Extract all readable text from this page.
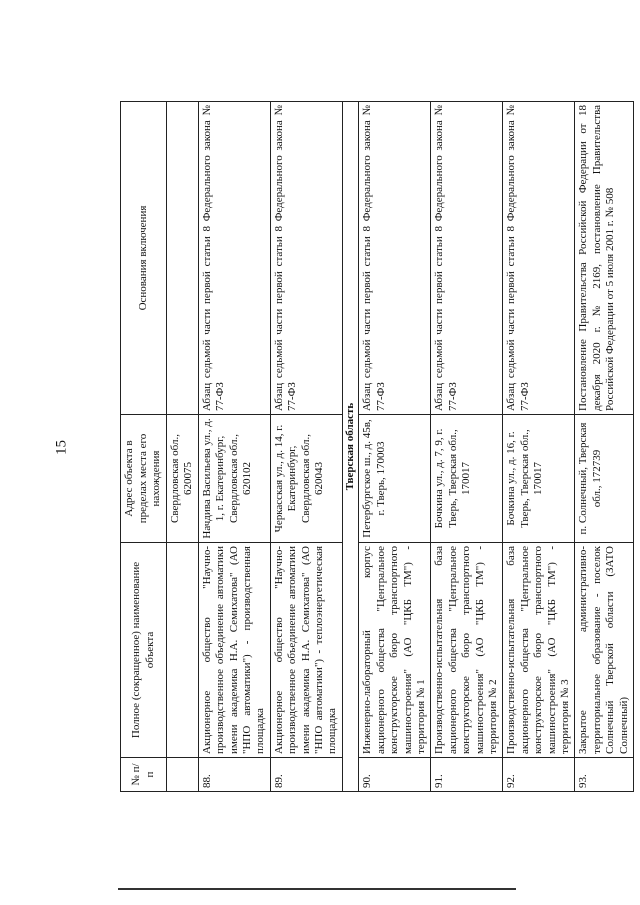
15
№ п/п	Полное (сокращенное) наименование объекта	Адрес объекта в пределах места его нахождения	Основания включения
		Свердловская обл., 620075	
88.	Акционерное общество "Научно-производственное объединение автоматики имени академика Н.А. Семихатова" (АО "НПО автоматики") - производственная площадка	Начдива Васильева ул., д. 1, г. Екатеринбург, Свердловская обл., 620102	Абзац седьмой части первой статьи 8 Федерального закона № 77-ФЗ
89.	Акционерное общество "Научно-производственное объединение автоматики имени академика Н.А. Семихатова" (АО "НПО автоматики") - теплоэнергетическая площадка	Черкасская ул., д. 14, г. Екатеринбург, Свердловская обл., 620043	Абзац седьмой части первой статьи 8 Федерального закона № 77-ФЗ
Тверская область			
90.	Инженерно-лабораторный корпус акционерного общества "Центральное конструкторское бюро транспортного машиностроения" (АО "ЦКБ ТМ") - территория № 1	Петербургское ш., д. 45в, г. Тверь, 170003	Абзац седьмой части первой статьи 8 Федерального закона № 77-ФЗ
91.	Производственно-испытательная база акционерного общества "Центральное конструкторское бюро транспортного машиностроения" (АО "ЦКБ ТМ") - территория № 2	Бочкина ул., д. 7, 9, г. Тверь, Тверская обл., 170017	Абзац седьмой части первой статьи 8 Федерального закона № 77-ФЗ
92.	Производственно-испытательная база акционерного общества "Центральное конструкторское бюро транспортного машиностроения" (АО "ЦКБ ТМ") - территория № 3	Бочкина ул., д. 16, г. Тверь, Тверская обл., 170017	Абзац седьмой части первой статьи 8 Федерального закона № 77-ФЗ
93.	Закрытое административно-территориальное образование - поселок Солнечный Тверской области (ЗАТО Солнечный)	п. Солнечный, Тверская обл., 172739	Постановление Правительства Российской Федерации от 18 декабря 2020 г. № 2169, постановление Правительства Российской Федерации от 5 июля 2001 г. № 508
